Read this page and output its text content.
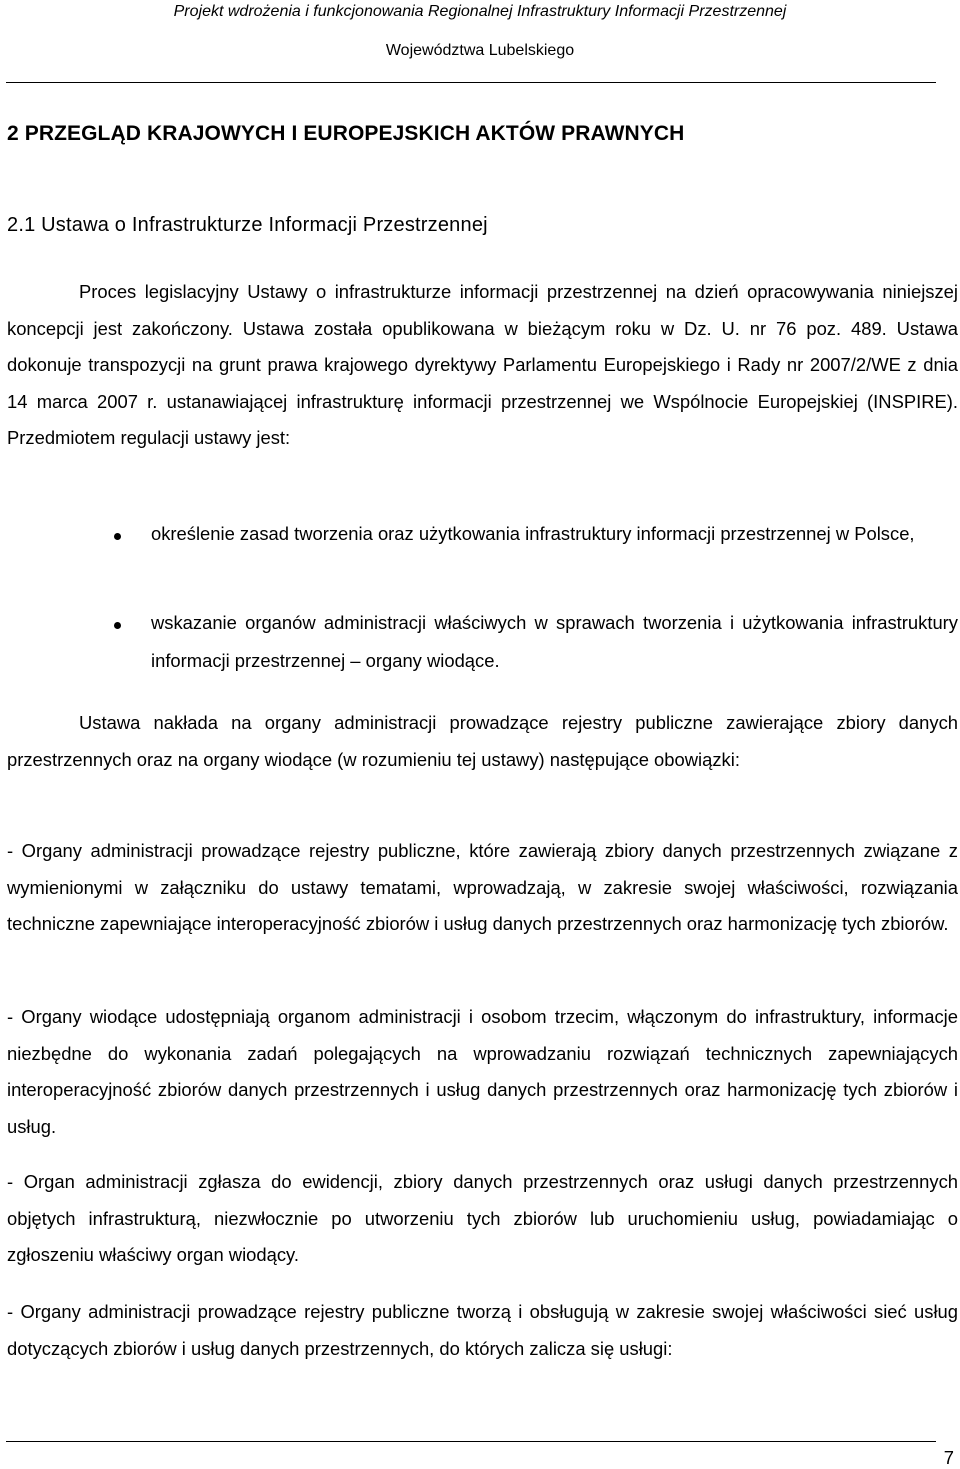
Projekt wdrożenia i funkcjonowania Regionalnej Infrastruktury Informacji Przestrzennej
Województwa Lubelskiego
2 PRZEGLĄD KRAJOWYCH I EUROPEJSKICH AKTÓW PRAWNYCH
2.1 Ustawa o Infrastrukturze Informacji Przestrzennej
Proces legislacyjny Ustawy o infrastrukturze informacji przestrzennej na dzień opracowywania niniejszej koncepcji jest zakończony. Ustawa została opublikowana w bieżącym roku w Dz. U. nr 76 poz. 489. Ustawa dokonuje transpozycji na grunt prawa krajowego dyrektywy Parlamentu Europejskiego i Rady nr 2007/2/WE z dnia 14 marca 2007 r. ustanawiającej infrastrukturę informacji przestrzennej we Wspólnocie Europejskiej (INSPIRE). Przedmiotem regulacji ustawy jest:
określenie zasad tworzenia oraz użytkowania infrastruktury informacji przestrzennej w Polsce,
wskazanie organów administracji właściwych w sprawach tworzenia i użytkowania infrastruktury informacji przestrzennej – organy wiodące.
Ustawa nakłada na organy administracji prowadzące rejestry publiczne zawierające zbiory danych przestrzennych oraz na organy wiodące (w rozumieniu tej ustawy) następujące obowiązki:
- Organy administracji prowadzące rejestry publiczne, które zawierają zbiory danych przestrzennych związane z wymienionymi w załączniku do ustawy tematami, wprowadzają, w zakresie swojej właściwości, rozwiązania techniczne zapewniające interoperacyjność zbiorów i usług danych przestrzennych oraz harmonizację tych zbiorów.
- Organy wiodące udostępniają organom administracji i osobom trzecim, włączonym do infrastruktury, informacje niezbędne do wykonania zadań polegających na wprowadzaniu rozwiązań technicznych zapewniających interoperacyjność zbiorów danych przestrzennych i usług danych przestrzennych oraz harmonizację tych zbiorów i usług.
- Organ administracji zgłasza do ewidencji, zbiory danych przestrzennych oraz usługi danych przestrzennych objętych infrastrukturą, niezwłocznie po utworzeniu tych zbiorów lub uruchomieniu usług, powiadamiając o zgłoszeniu właściwy organ wiodący.
- Organy administracji prowadzące rejestry publiczne tworzą i obsługują w zakresie swojej właściwości sieć usług dotyczących zbiorów i usług danych przestrzennych, do których zalicza się usługi:
7
